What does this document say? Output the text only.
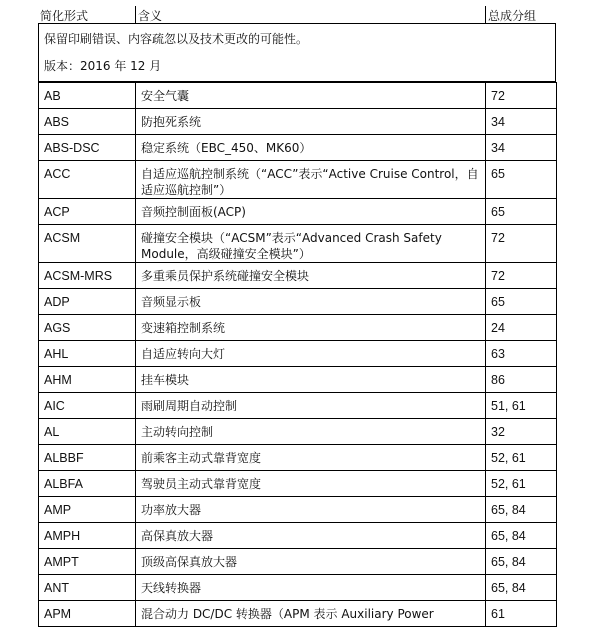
简化形式	含义	总成分组
保留印刷错误、内容疏忽以及技术更改的可能性。
版本：2016 年 12 月
AB	安全气囊	72
ABS	防抱死系统	34
ABS-DSC	稳定系统（EBC_450、MK60）	34
ACC	自适应巡航控制系统（“ACC”表示“Active Cruise Control，自适应巡航控制”）	65
ACP	音频控制面板(ACP)	65
ACSM	碰撞安全模块（“ACSM”表示“Advanced Crash Safety Module，高级碰撞安全模块”）	72
ACSM-MRS	多重乘员保护系统碰撞安全模块	72
ADP	音频显示板	65
AGS	变速箱控制系统	24
AHL	自适应转向大灯	63
AHM	挂车模块	86
AIC	雨刷周期自动控制	51, 61
AL	主动转向控制	32
ALBBF	前乘客主动式靠背宽度	52, 61
ALBFA	驾驶员主动式靠背宽度	52, 61
AMP	功率放大器	65, 84
AMPH	高保真放大器	65, 84
AMPT	顶级高保真放大器	65, 84
ANT	天线转换器	65, 84
APM	混合动力 DC/DC 转换器（APM 表示 Auxiliary Power	61
